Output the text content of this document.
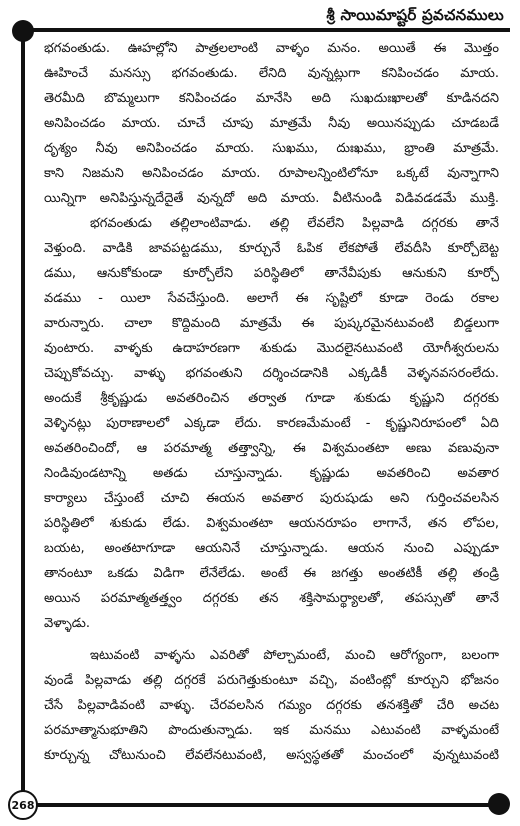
శ్రీ సాయిమాష్టర్ ప్రవచనములు
భగవంతుడు. ఊహల్లోని పాత్రలలాంటి వాళ్ళం మనం. అయితే ఈ మొత్తం
ఊహించే మనస్సు భగవంతుడు. లేనిది వున్నట్లుగా కనిపించడం మాయ.
తెరమీది బొమ్మలుగా కనిపించడం మానేసి అది సుఖదుఃఖాలతో కూడినదని
అనిపించడం మాయ. చూచే చూపు మాత్రమే నీవు అయినప్పుడు చూడబడే
దృశ్యం నీవు అనిపించడం మాయ. సుఖము, దుఃఖము, భ్రాంతి మాత్రమే.
కాని నిజమని అనిపించడం మాయ. రూపాలన్నింటిలోనూ ఒక్కటే వున్నాగాని
యిన్నిగా అనిపిస్తున్నదేదైతే వున్నదో అది మాయ. వీటినుండి విడివడడమే ముక్తి.
భగవంతుడు తల్లిలాంటివాడు. తల్లి లేవలేని పిల్లవాడి దగ్గరకు తానే
వెళ్తుంది. వాడికి జావపట్టడము, కూర్చునే ఓపిక లేకపోతే లేవదీసి కూర్చోబెట్ట
డము, ఆనుకోకుండా కూర్చోలేని పరిస్థితిలో తానేవీపుకు ఆనుకుని కూర్చో
వడము - యిలా సేవచేస్తుంది. అలాగే ఈ సృష్టిలో కూడా రెండు రకాల
వారున్నారు. చాలా కొద్దిమంది మాత్రమే ఈ పుష్కరమైనటువంటి బిడ్డలుగా
వుంటారు. వాళ్ళకు ఉదాహరణగా శుకుడు మొదలైనటువంటి యోగీశ్వరులను
చెప్పుకోవచ్చు. వాళ్ళు భగవంతుని దర్శించడానికి ఎక్కడికీ వెళ్ళనవసరంలేదు.
అందుకే శ్రీకృష్ణుడు అవతరించిన తర్వాత గూడా శుకుడు కృష్ణుని దగ్గరకు
వెళ్ళినట్లు పురాణాలలో ఎక్కడా లేదు. కారణమేమంటే - కృష్ణునిరూపంలో ఏది
అవతరించిందో, ఆ పరమాత్మ తత్త్వాన్ని, ఈ విశ్వమంతటా అణు వణువునా
నిండివుండటాన్ని అతడు చూస్తున్నాడు. కృష్ణుడు అవతరించి అవతార
కార్యాలు చేస్తుంటే చూచి ఈయన అవతార పురుషుడు అని గుర్తించవలసిన
పరిస్థితిలో శుకుడు లేడు. విశ్వమంతటా ఆయనరూపం లాగానే, తన లోపల,
బయట, అంతటాగూడా ఆయనినే చూస్తున్నాడు. ఆయన నుంచి ఎప్పుడూ
తానంటూ ఒకడు విడిగా లేనేలేడు. అంటే ఈ జగత్తు అంతటికీ తల్లి తండ్రి
అయిన పరమాత్మతత్త్వం దగ్గరకు తన శక్తిసామర్థ్యాలతో, తపస్సుతో తానే
వెళ్ళాడు.
ఇటువంటి వాళ్ళను ఎవరితో పోల్చామంటే, మంచి ఆరోగ్యంగా, బలంగా
వుండే పిల్లవాడు తల్లి దగ్గరకే పరుగెత్తుకుంటూ వచ్చి, వంటింట్లో కూర్చుని భోజనం
చేసే పిల్లవాడివంటి వాళ్ళు. చేరవలసిన గమ్యం దగ్గరకు తనశక్తితో చేరి అచట
పరమాత్మానుభూతిని పొందుతున్నాడు. ఇక మనము ఎటువంటి వాళ్ళమంటే
కూర్చున్న చోటునుంచి లేవలేనటువంటి, అస్వస్థతతో మంచంలో వున్నటువంటి
268
